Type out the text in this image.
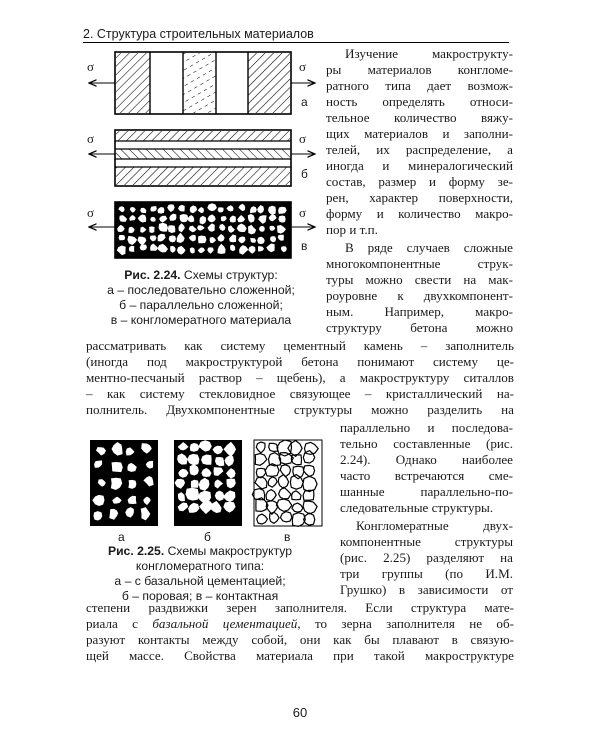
2. Структура строительных материалов
σ	σ
а
σ	σ
б
σ	σ
в
Рис. 2.24. Схемы структур:
а – последовательно сложенной;
б – параллельно сложенной;
в – конгломератного материала
а	б	в
Рис. 2.25. Схемы макроструктур
конгломератного типа:
а – с базальной цементацией;
б – поровая; в – контактная
Изучение макрострукту-
ры материалов конгломе-
ратного типа дает возмож-
ность определять относи-
тельное количество вяжу-
щих материалов и заполни-
телей, их распределение, а
иногда и минералогический
состав, размер и форму зе-
рен, характер поверхности,
форму и количество макро-
пор и т.п.
В ряде случаев сложные
многокомпонентные струк-
туры можно свести на мак-
роуровне к двухкомпонент-
ным. Например, макро-
структуру бетона можно
рассматривать как систему цементный камень – заполнитель
(иногда под макроструктурой бетона понимают систему це-
ментно-песчаный раствор – щебень), а макроструктуру ситаллов
– как систему стекловидное связующее – кристаллический на-
полнитель. Двухкомпонентные структуры можно разделить на
параллельно и последова-
тельно составленные (рис.
2.24). Однако наиболее
часто встречаются сме-
шанные параллельно-по-
следовательные структуры.
Конгломератные двух-
компонентные структуры
(рис. 2.25) разделяют на
три группы (по И.М.
Грушко) в зависимости от
степени раздвижки зерен заполнителя. Если структура мате-
риала с базальной цементацией, то зерна заполнителя не об-
разуют контакты между собой, они как бы плавают в связую-
щей массе. Свойства материала при такой макроструктуре
60
